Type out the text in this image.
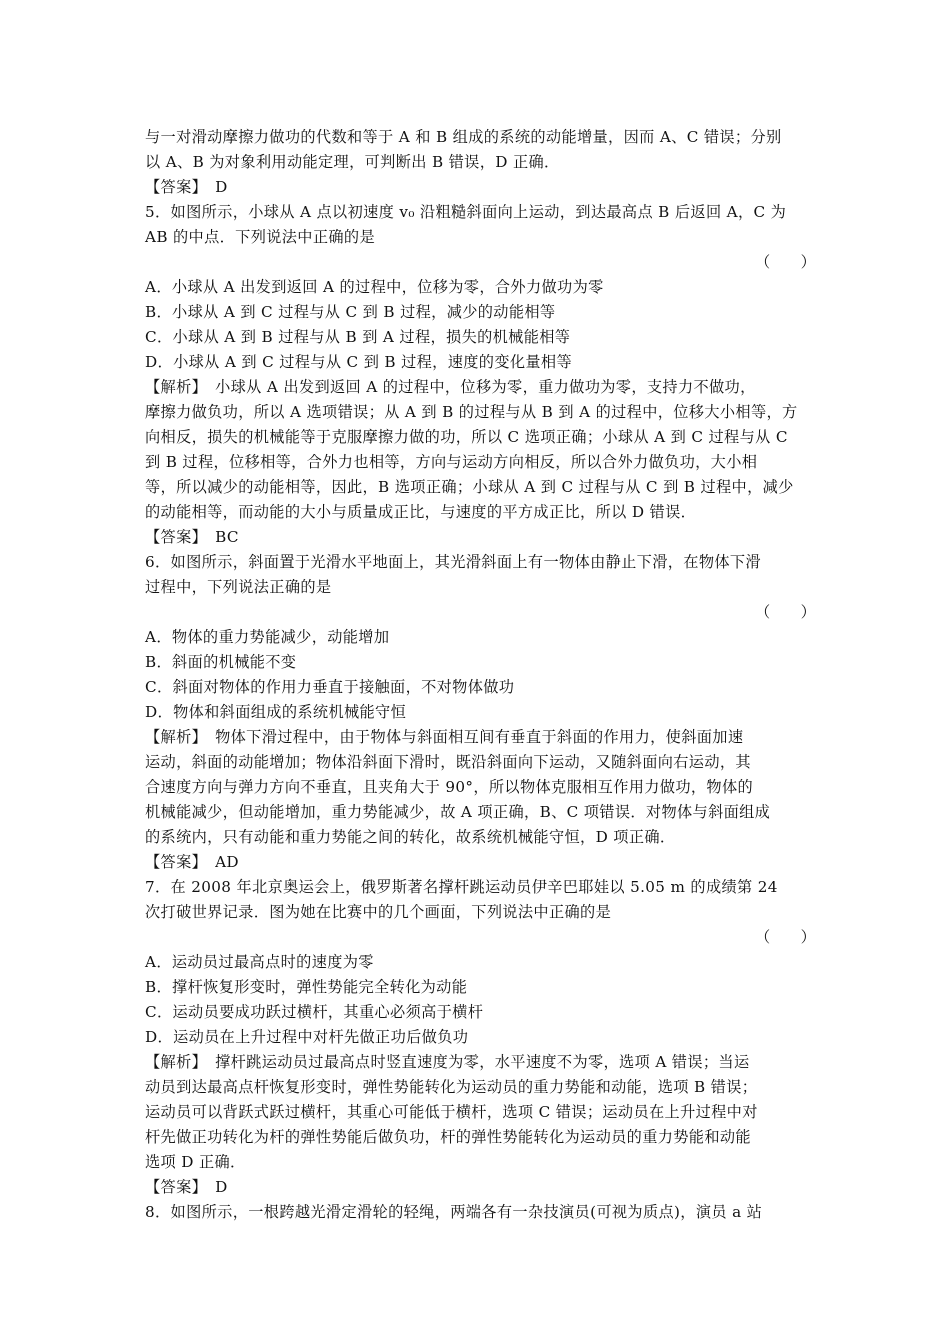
与一对滑动摩擦力做功的代数和等于 A 和 B 组成的系统的动能增量，因而 A、C 错误；分别
以 A、B 为对象利用动能定理，可判断出 B 错误，D 正确．
【答案】　D
5．如图所示，小球从 A 点以初速度 v₀ 沿粗糙斜面向上运动，到达最高点 B 后返回 A，C 为
AB 的中点．下列说法中正确的是
（　　）
A．小球从 A 出发到返回 A 的过程中，位移为零，合外力做功为零
B．小球从 A 到 C 过程与从 C 到 B 过程，减少的动能相等
C．小球从 A 到 B 过程与从 B 到 A 过程，损失的机械能相等
D．小球从 A 到 C 过程与从 C 到 B 过程，速度的变化量相等
【解析】　小球从 A 出发到返回 A 的过程中，位移为零，重力做功为零，支持力不做功，
摩擦力做负功，所以 A 选项错误；从 A 到 B 的过程与从 B 到 A 的过程中，位移大小相等，方
向相反，损失的机械能等于克服摩擦力做的功，所以 C 选项正确；小球从 A 到 C 过程与从 C
到 B 过程，位移相等，合外力也相等，方向与运动方向相反，所以合外力做负功，大小相
等，所以减少的动能相等，因此，B 选项正确；小球从 A 到 C 过程与从 C 到 B 过程中，减少
的动能相等，而动能的大小与质量成正比，与速度的平方成正比，所以 D 错误．
【答案】　BC
6．如图所示，斜面置于光滑水平地面上，其光滑斜面上有一物体由静止下滑，在物体下滑
过程中，下列说法正确的是
（　　）
A．物体的重力势能减少，动能增加
B．斜面的机械能不变
C．斜面对物体的作用力垂直于接触面，不对物体做功
D．物体和斜面组成的系统机械能守恒
【解析】　物体下滑过程中，由于物体与斜面相互间有垂直于斜面的作用力，使斜面加速
运动，斜面的动能增加；物体沿斜面下滑时，既沿斜面向下运动，又随斜面向右运动，其
合速度方向与弹力方向不垂直，且夹角大于 90°，所以物体克服相互作用力做功，物体的
机械能减少，但动能增加，重力势能减少，故 A 项正确，B、C 项错误．对物体与斜面组成
的系统内，只有动能和重力势能之间的转化，故系统机械能守恒，D 项正确．
【答案】　AD
7．在 2008 年北京奥运会上，俄罗斯著名撑杆跳运动员伊辛巴耶娃以 5.05 m 的成绩第 24
次打破世界记录．图为她在比赛中的几个画面，下列说法中正确的是
（　　）
A．运动员过最高点时的速度为零
B．撑杆恢复形变时，弹性势能完全转化为动能
C．运动员要成功跃过横杆，其重心必须高于横杆
D．运动员在上升过程中对杆先做正功后做负功
【解析】　撑杆跳运动员过最高点时竖直速度为零，水平速度不为零，选项 A 错误；当运
动员到达最高点杆恢复形变时，弹性势能转化为运动员的重力势能和动能，选项 B 错误；
运动员可以背跃式跃过横杆，其重心可能低于横杆，选项 C 错误；运动员在上升过程中对
杆先做正功转化为杆的弹性势能后做负功，杆的弹性势能转化为运动员的重力势能和动能
选项 D 正确．
【答案】　D
8．如图所示，一根跨越光滑定滑轮的轻绳，两端各有一杂技演员(可视为质点)，演员 a 站
